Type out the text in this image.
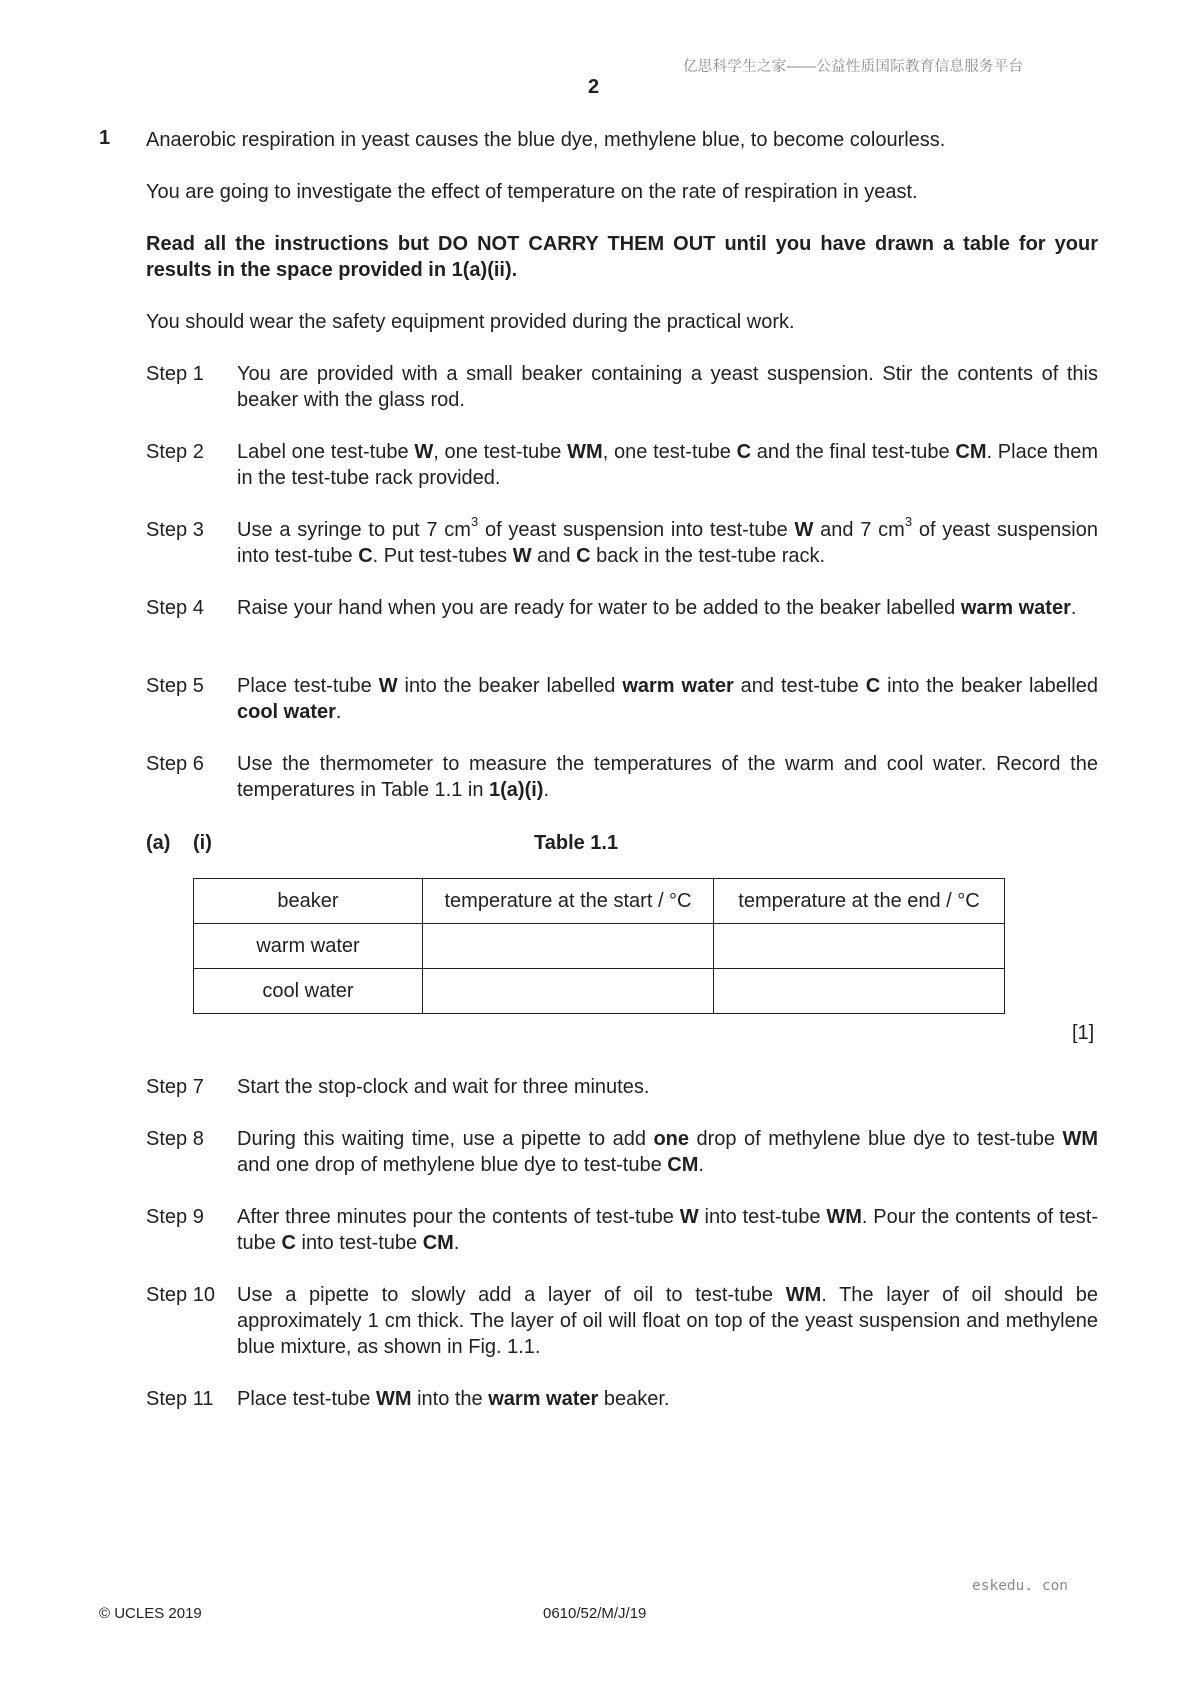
亿思科学生之家——公益性质国际教育信息服务平台
2
1 Anaerobic respiration in yeast causes the blue dye, methylene blue, to become colourless.
You are going to investigate the effect of temperature on the rate of respiration in yeast.
Read all the instructions but DO NOT CARRY THEM OUT until you have drawn a table for your results in the space provided in 1(a)(ii).
You should wear the safety equipment provided during the practical work.
Step 1 You are provided with a small beaker containing a yeast suspension. Stir the contents of this beaker with the glass rod.
Step 2 Label one test-tube W, one test-tube WM, one test-tube C and the final test-tube CM. Place them in the test-tube rack provided.
Step 3 Use a syringe to put 7 $cm^3$ of yeast suspension into test-tube W and 7 $cm^3$ of yeast suspension into test-tube C. Put test-tubes W and C back in the test-tube rack.
Step 4 Raise your hand when you are ready for water to be added to the beaker labelled warm water.
Step 5 Place test-tube W into the beaker labelled warm water and test-tube C into the beaker labelled cool water.
Step 6 Use the thermometer to measure the temperatures of the warm and cool water. Record the temperatures in Table 1.1 in 1(a)(i).
(a) (i)	Table 1.1
beaker	temperature at the start / °C	temperature at the end / °C
warm water		
cool water		
[1]
Step 7 Start the stop-clock and wait for three minutes.
Step 8 During this waiting time, use a pipette to add one drop of methylene blue dye to test-tube WM and one drop of methylene blue dye to test-tube CM.
Step 9 After three minutes pour the contents of test-tube W into test-tube WM. Pour the contents of test-tube C into test-tube CM.
Step 10 Use a pipette to slowly add a layer of oil to test-tube WM. The layer of oil should be approximately 1 cm thick. The layer of oil will float on top of the yeast suspension and methylene blue mixture, as shown in Fig. 1.1.
Step 11 Place test-tube WM into the warm water beaker.
eskedu. con
© UCLES 2019	0610/52/M/J/19
